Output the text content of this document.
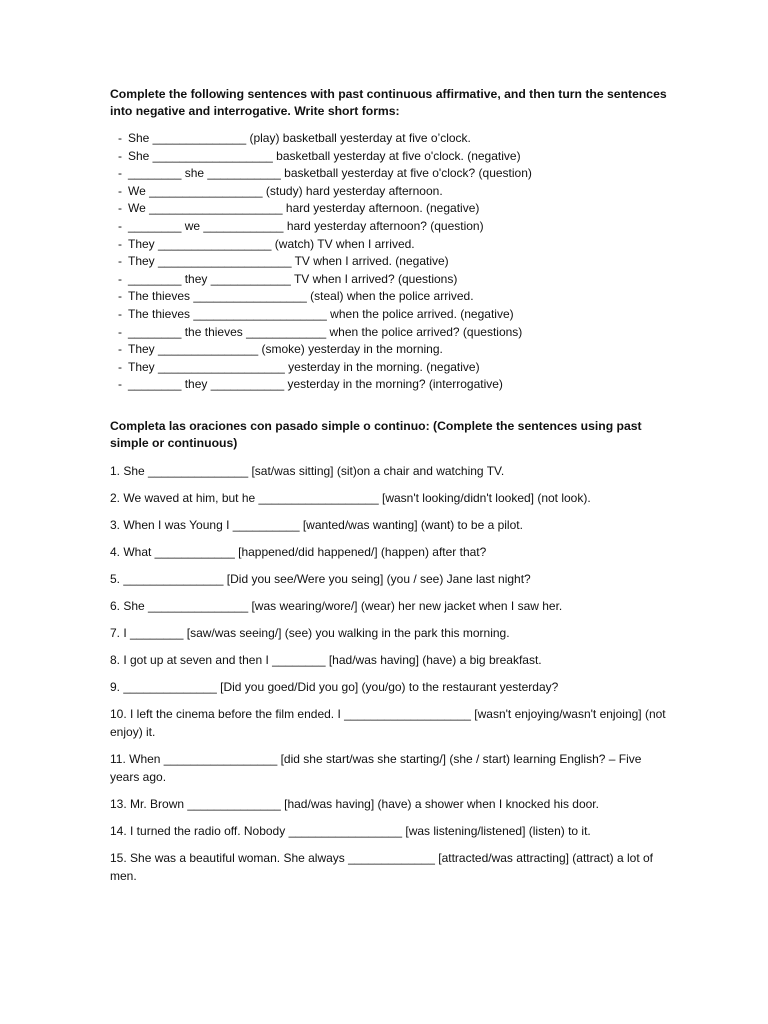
Complete the following sentences with past continuous affirmative, and then turn the sentences into negative and interrogative. Write short forms:

- She ______________ (play) basketball yesterday at five o’clock.
- She __________________ basketball yesterday at five o'clock. (negative)
- ________ she ___________ basketball yesterday at five o'clock? (question)
- We _________________ (study) hard yesterday afternoon.
- We ____________________ hard yesterday afternoon. (negative)
- ________ we ____________ hard yesterday afternoon? (question)
- They _________________ (watch) TV when I arrived.
- They ____________________ TV when I arrived. (negative)
- ________ they ____________ TV when I arrived? (questions)
- The thieves _________________ (steal) when the police arrived.
- The thieves ____________________ when the police arrived. (negative)
- ________ the thieves ____________ when the police arrived? (questions)
- They _______________ (smoke) yesterday in the morning.
- They ___________________ yesterday in the morning. (negative)
- ________ they ___________ yesterday in the morning? (interrogative)

Completa las oraciones con pasado simple o continuo: (Complete the sentences using past simple or continuous)

1. She _______________ [sat/was sitting] (sit)on a chair and watching TV.

2. We waved at him, but he __________________ [wasn't looking/didn't looked] (not look).

3. When I was Young I __________ [wanted/was wanting] (want) to be a pilot.

4. What ____________ [happened/did happened/] (happen) after that?

5. _______________ [Did you see/Were you seing] (you / see) Jane last night?

6. She _______________ [was wearing/wore/] (wear) her new jacket when I saw her.

7. I ________ [saw/was seeing/] (see) you walking in the park this morning.

8. I got up at seven and then I ________ [had/was having] (have) a big breakfast.

9. ______________ [Did you goed/Did you go] (you/go) to the restaurant yesterday?

10. I left the cinema before the film ended. I ___________________ [wasn't enjoying/wasn't enjoing] (not enjoy) it.

11. When _________________ [did she start/was she starting/] (she / start) learning English? – Five years ago.

13. Mr. Brown ______________ [had/was having] (have) a shower when I knocked his door.

14. I turned the radio off. Nobody _________________ [was listening/listened] (listen) to it.

15. She was a beautiful woman. She always _____________ [attracted/was attracting] (attract) a lot of men.
